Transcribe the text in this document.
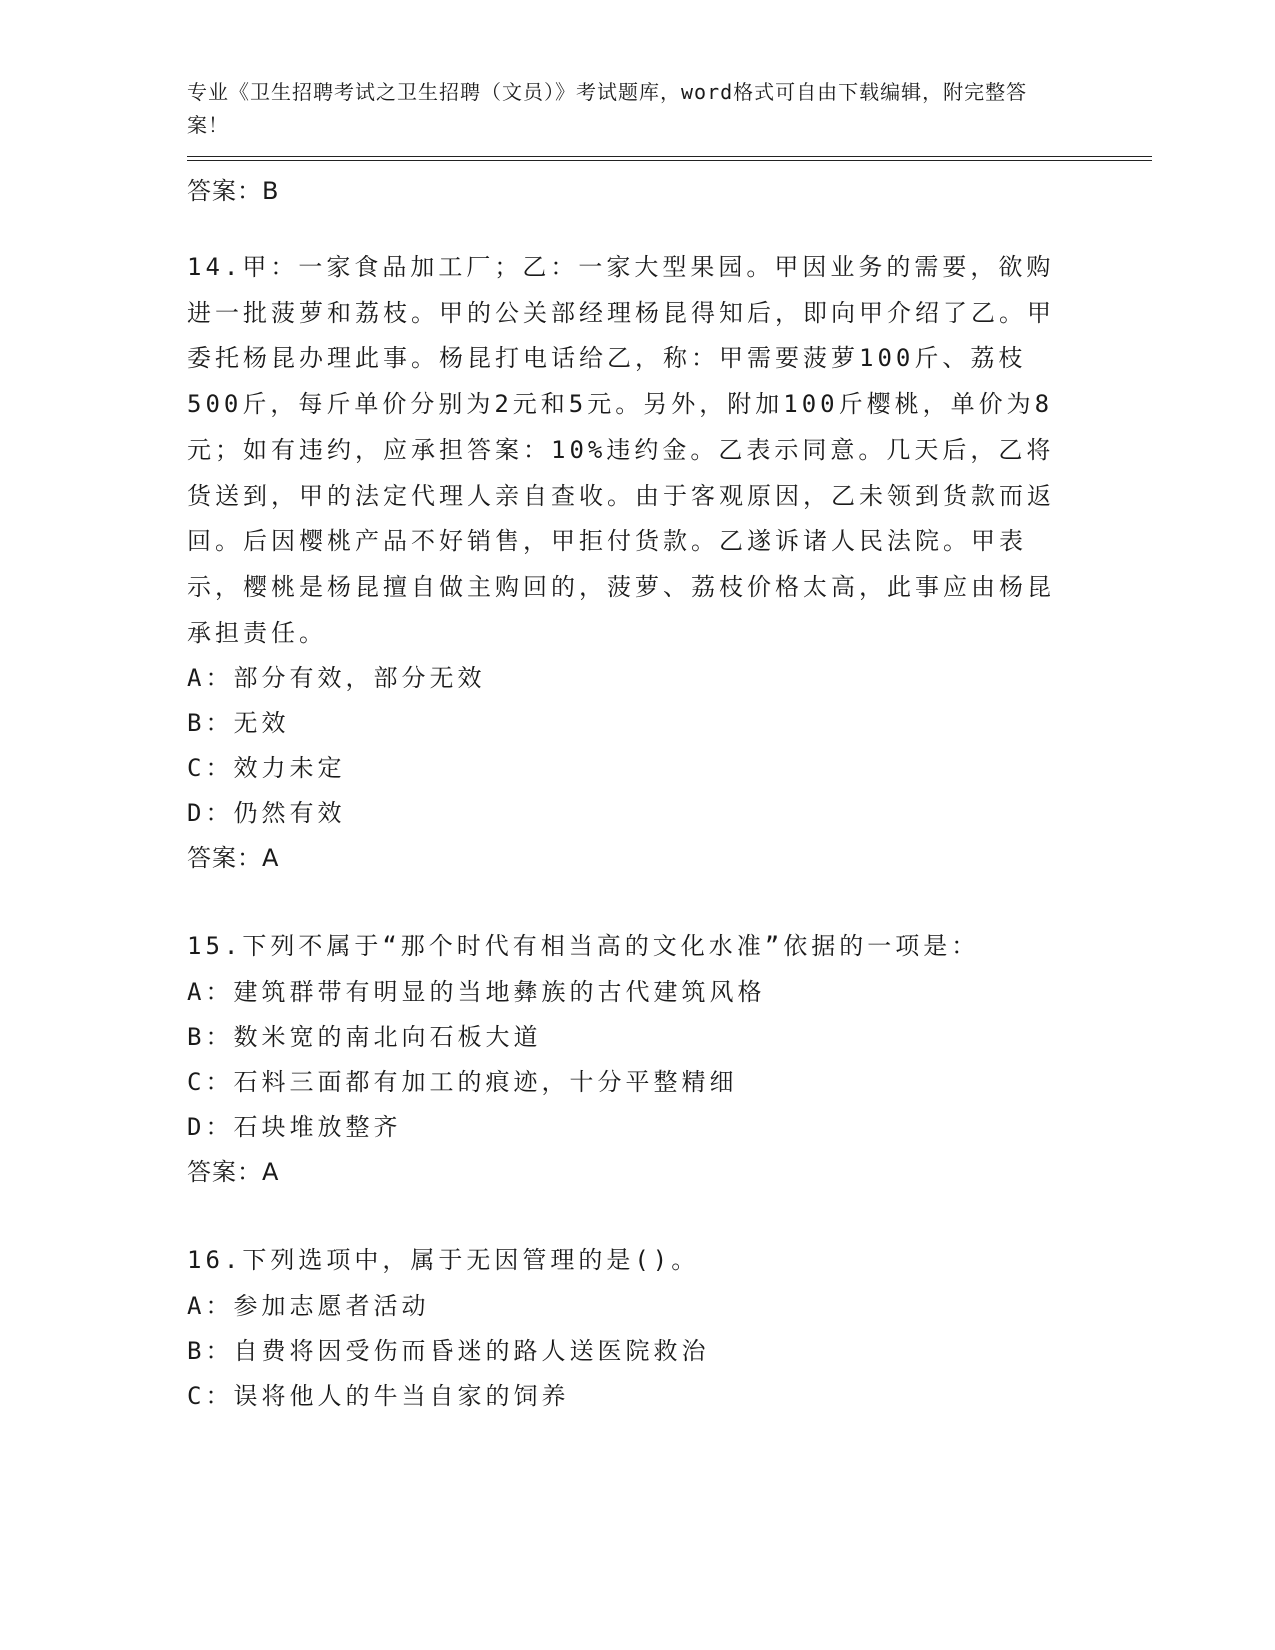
专业《卫生招聘考试之卫生招聘（文员）》考试题库，word格式可自由下载编辑，附完整答案！

答案：B

14.甲：一家食品加工厂；乙：一家大型果园。甲因业务的需要，欲购进一批菠萝和荔枝。甲的公关部经理杨昆得知后，即向甲介绍了乙。甲委托杨昆办理此事。杨昆打电话给乙，称：甲需要菠萝100斤、荔枝500斤，每斤单价分别为2元和5元。另外，附加100斤樱桃，单价为8元；如有违约，应承担答案：10%违约金。乙表示同意。几天后，乙将货送到，甲的法定代理人亲自查收。由于客观原因，乙未领到货款而返回。后因樱桃产品不好销售，甲拒付货款。乙遂诉诸人民法院。甲表示，樱桃是杨昆擅自做主购回的，菠萝、荔枝价格太高，此事应由杨昆承担责任。

A：部分有效，部分无效

B：无效

C：效力未定

D：仍然有效

答案：A

15.下列不属于“那个时代有相当高的文化水准”依据的一项是：

A：建筑群带有明显的当地彝族的古代建筑风格

B：数米宽的南北向石板大道

C：石料三面都有加工的痕迹，十分平整精细

D：石块堆放整齐

答案：A

16.下列选项中，属于无因管理的是()。

A：参加志愿者活动

B：自费将因受伤而昏迷的路人送医院救治

C：误将他人的牛当自家的饲养
